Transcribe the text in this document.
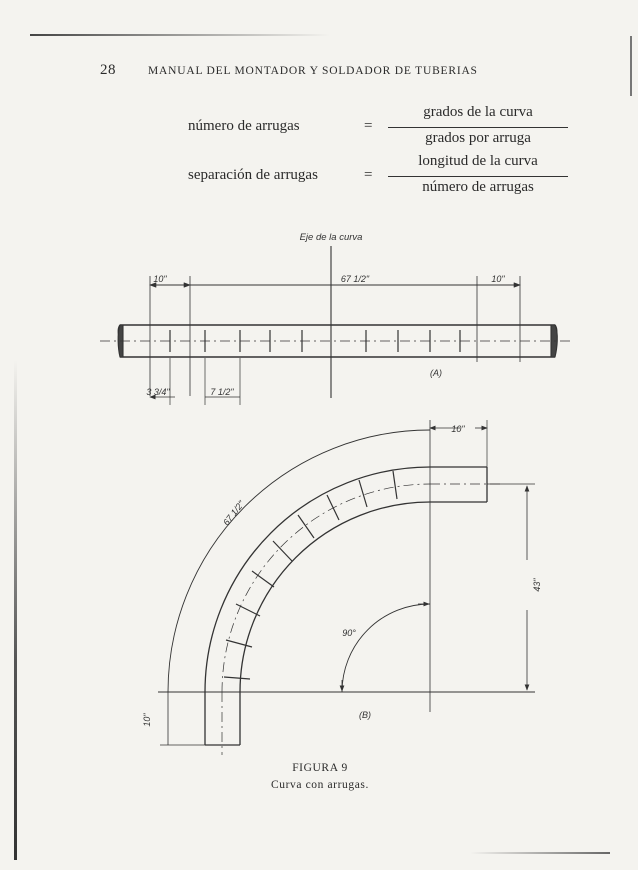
28	MANUAL DEL MONTADOR Y SOLDADOR DE TUBERIAS
número de arrugas	=
grados de la curva
grados por arruga
separación de arrugas	=
longitud de la curva
número de arrugas
Eje de la curva
10"	67 1/2"	10"
3 3/4"	7 1/2"
(A)
10"
67 1/2"
43"
90°
(B)
10"
FIGURA 9
Curva con arrugas.
